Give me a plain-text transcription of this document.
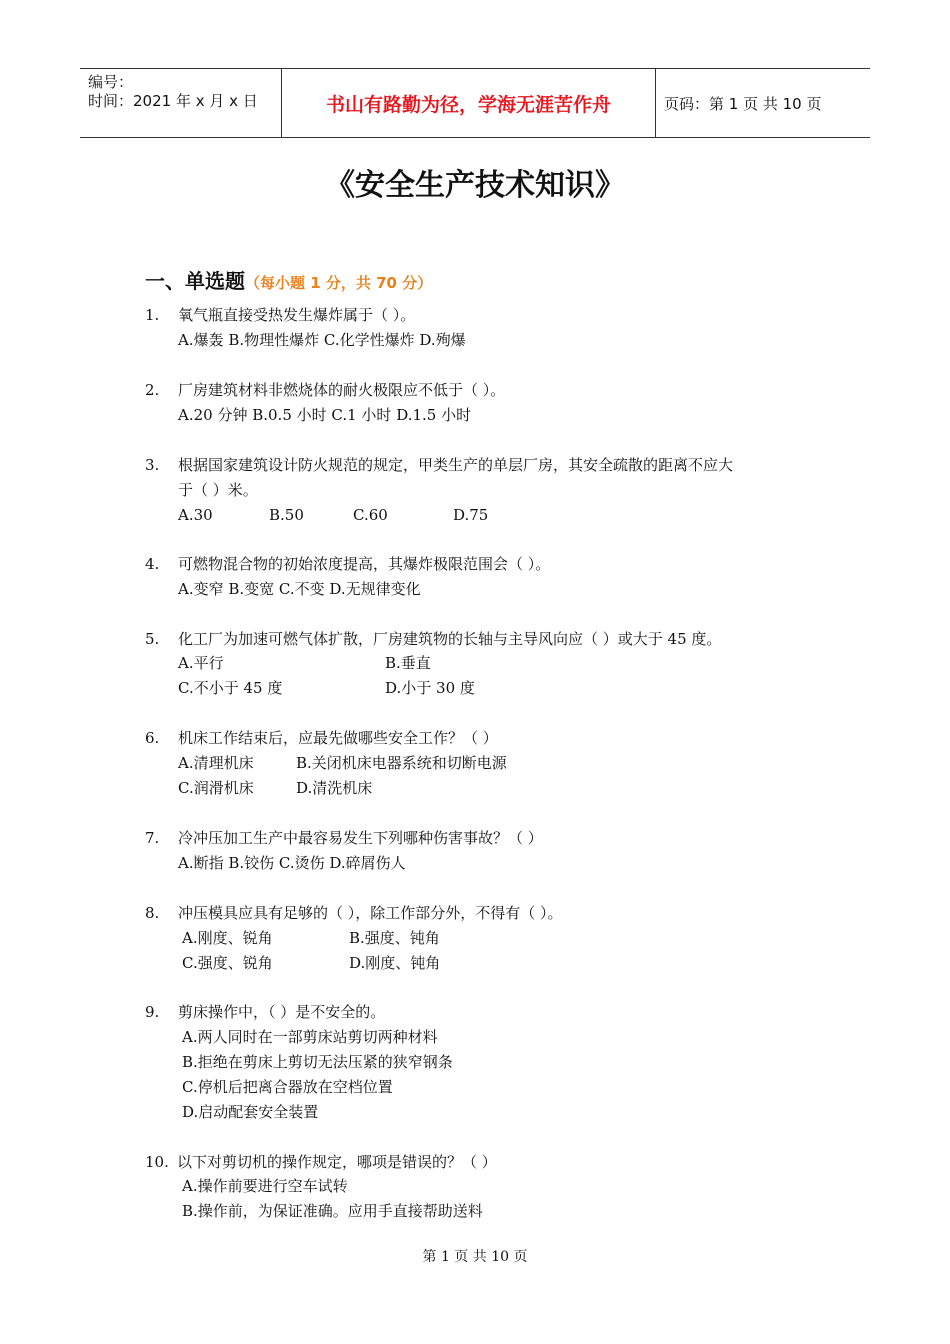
编号：
时间：2021 年 x 月 x 日	书山有路勤为径，学海无涯苦作舟	页码：第 1 页 共 10 页
《安全生产技术知识》
一、单选题（每小题 1 分，共 70 分）
1.	氧气瓶直接受热发生爆炸属于（ ）。
A.爆轰 B.物理性爆炸 C.化学性爆炸 D.殉爆
2.	厂房建筑材料非燃烧体的耐火极限应不低于（ ）。
A.20 分钟 B.0.5 小时 C.1 小时 D.1.5 小时
3.	根据国家建筑设计防火规范的规定，甲类生产的单层厂房，其安全疏散的距离不应大
于（ ）米。
A.30	B.50	C.60	D.75
4.	可燃物混合物的初始浓度提高，其爆炸极限范围会（ ）。
A.变窄 B.变宽 C.不变 D.无规律变化
5.	化工厂为加速可燃气体扩散，厂房建筑物的长轴与主导风向应（ ）或大于 45 度。
A.平行	B.垂直
C.不小于 45 度	D.小于 30 度
6.	机床工作结束后，应最先做哪些安全工作？（ ）
A.清理机床	B.关闭机床电器系统和切断电源
C.润滑机床	D.清洗机床
7.	冷冲压加工生产中最容易发生下列哪种伤害事故？（ ）
A.断指 B.铰伤 C.烫伤 D.碎屑伤人
8.	冲压模具应具有足够的（ ），除工作部分外，不得有（ ）。
A.刚度、锐角	B.强度、钝角
C.强度、锐角	D.刚度、钝角
9.	剪床操作中，（ ）是不安全的。
A.两人同时在一部剪床站剪切两种材料
B.拒绝在剪床上剪切无法压紧的狭窄钢条
C.停机后把离合器放在空档位置
D.启动配套安全装置
10. 以下对剪切机的操作规定，哪项是错误的？（ ）
A.操作前要进行空车试转
B.操作前，为保证准确。应用手直接帮助送料
第 1 页 共 10 页
